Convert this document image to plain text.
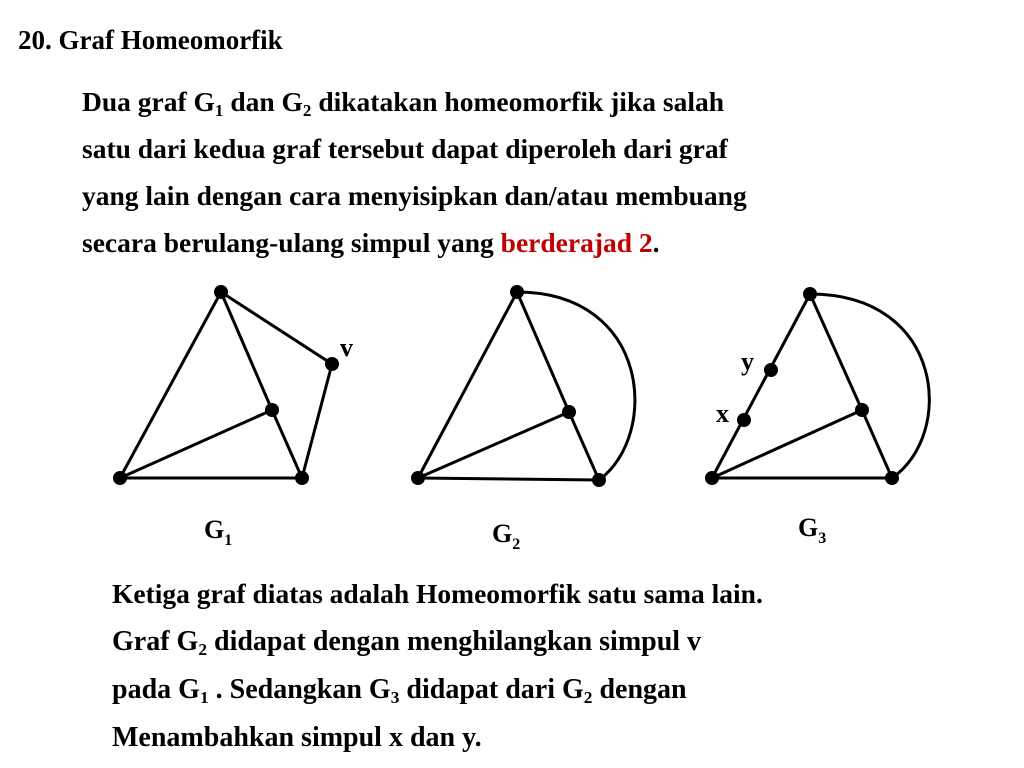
20. Graf Homeomorfik
Dua graf $G_1$ dan $G_2$ dikatakan homeomorfik jika salah
satu dari kedua graf tersebut dapat diperoleh dari graf
yang lain dengan cara menyisipkan dan/atau membuang
secara berulang-ulang simpul yang berderajad 2.
v
$G_1$	$G_2$
y
x
$G_3$
Ketiga graf diatas adalah Homeomorfik satu sama lain.
Graf $G_2$ didapat dengan menghilangkan simpul v
pada $G_1$ . Sedangkan $G_3$ didapat dari $G_2$ dengan
Menambahkan simpul x dan y.
